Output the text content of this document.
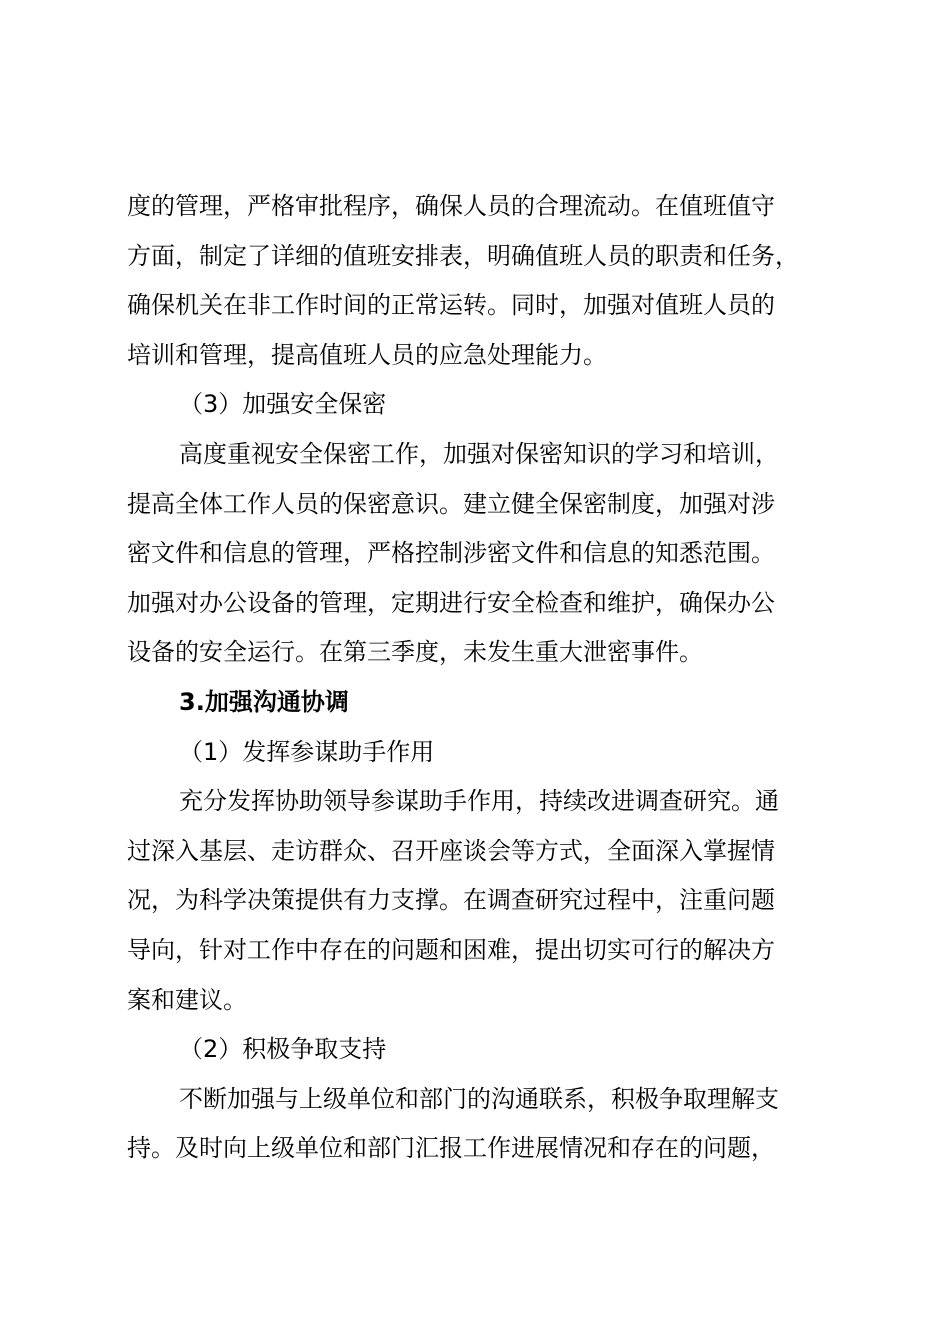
度的管理，严格审批程序，确保人员的合理流动。在值班值守
方面，制定了详细的值班安排表，明确值班人员的职责和任务，
确保机关在非工作时间的正常运转。同时，加强对值班人员的
培训和管理，提高值班人员的应急处理能力。
（3）加强安全保密
高度重视安全保密工作，加强对保密知识的学习和培训，
提高全体工作人员的保密意识。建立健全保密制度，加强对涉
密文件和信息的管理，严格控制涉密文件和信息的知悉范围。
加强对办公设备的管理，定期进行安全检查和维护，确保办公
设备的安全运行。在第三季度，未发生重大泄密事件。
3.加强沟通协调
（1）发挥参谋助手作用
充分发挥协助领导参谋助手作用，持续改进调查研究。通
过深入基层、走访群众、召开座谈会等方式，全面深入掌握情
况，为科学决策提供有力支撑。在调查研究过程中，注重问题
导向，针对工作中存在的问题和困难，提出切实可行的解决方
案和建议。
（2）积极争取支持
不断加强与上级单位和部门的沟通联系，积极争取理解支
持。及时向上级单位和部门汇报工作进展情况和存在的问题，
